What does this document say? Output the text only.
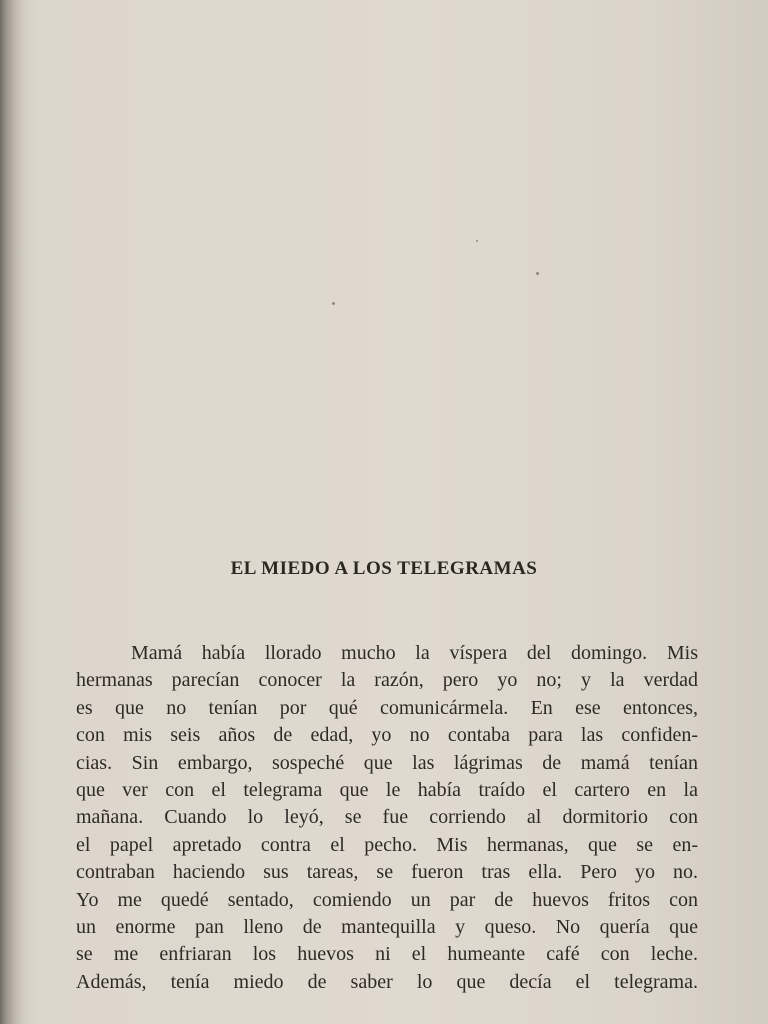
EL MIEDO A LOS TELEGRAMAS

Mamá había llorado mucho la víspera del domingo. Mis
hermanas parecían conocer la razón, pero yo no; y la verdad
es que no tenían por qué comunicármela. En ese entonces,
con mis seis años de edad, yo no contaba para las confiden-
cias. Sin embargo, sospeché que las lágrimas de mamá tenían
que ver con el telegrama que le había traído el cartero en la
mañana. Cuando lo leyó, se fue corriendo al dormitorio con
el papel apretado contra el pecho. Mis hermanas, que se en-
contraban haciendo sus tareas, se fueron tras ella. Pero yo no.
Yo me quedé sentado, comiendo un par de huevos fritos con
un enorme pan lleno de mantequilla y queso. No quería que
se me enfriaran los huevos ni el humeante café con leche.
Además, tenía miedo de saber lo que decía el telegrama.
